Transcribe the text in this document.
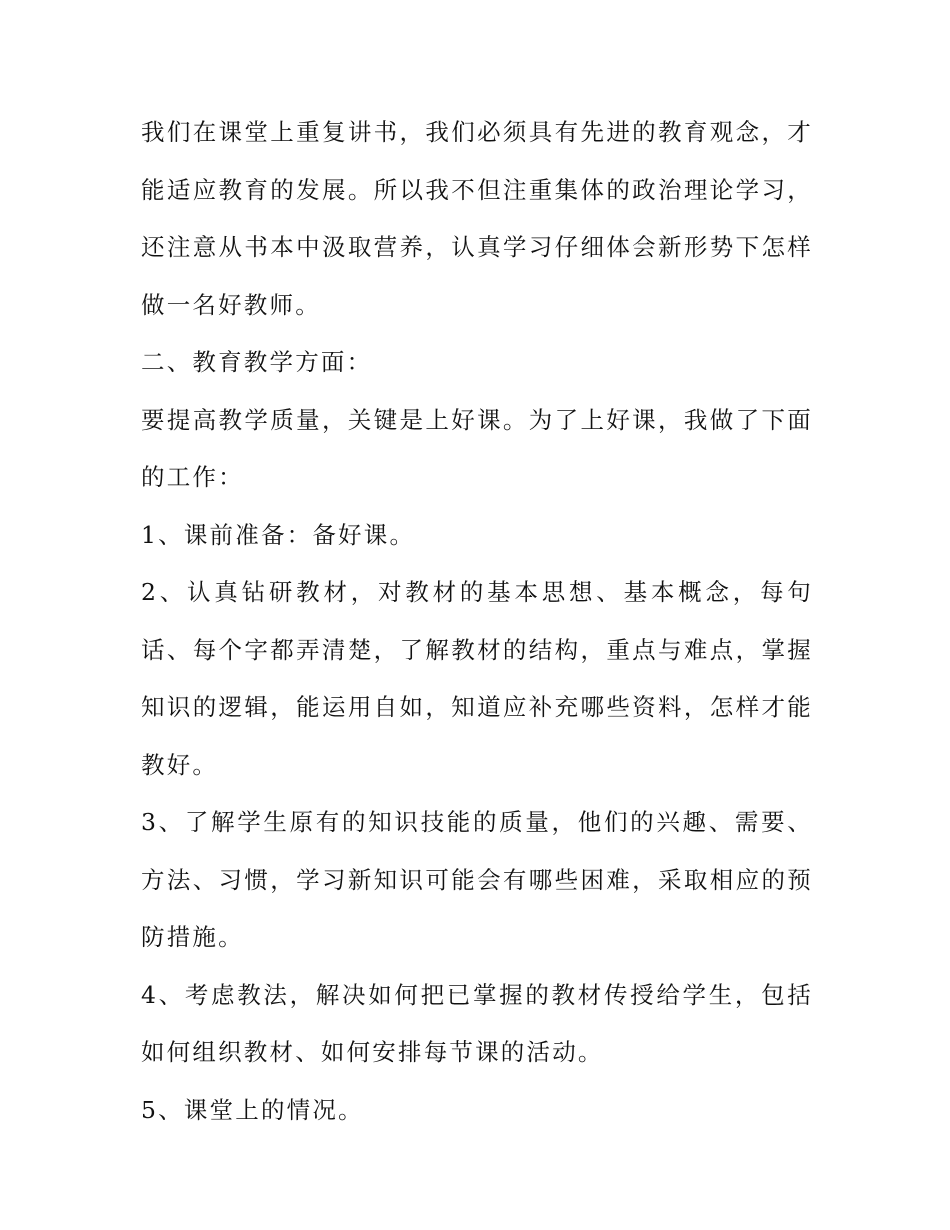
我们在课堂上重复讲书，我们必须具有先进的教育观念，才能适应教育的发展。所以我不但注重集体的政治理论学习，还注意从书本中汲取营养，认真学习仔细体会新形势下怎样做一名好教师。

二、教育教学方面：

要提高教学质量，关键是上好课。为了上好课，我做了下面的工作：

1、课前准备：备好课。

2、认真钻研教材，对教材的基本思想、基本概念，每句话、每个字都弄清楚，了解教材的结构，重点与难点，掌握知识的逻辑，能运用自如，知道应补充哪些资料，怎样才能教好。

3、了解学生原有的知识技能的质量，他们的兴趣、需要、方法、习惯，学习新知识可能会有哪些困难，采取相应的预防措施。

4、考虑教法，解决如何把已掌握的教材传授给学生，包括如何组织教材、如何安排每节课的活动。

5、课堂上的情况。
